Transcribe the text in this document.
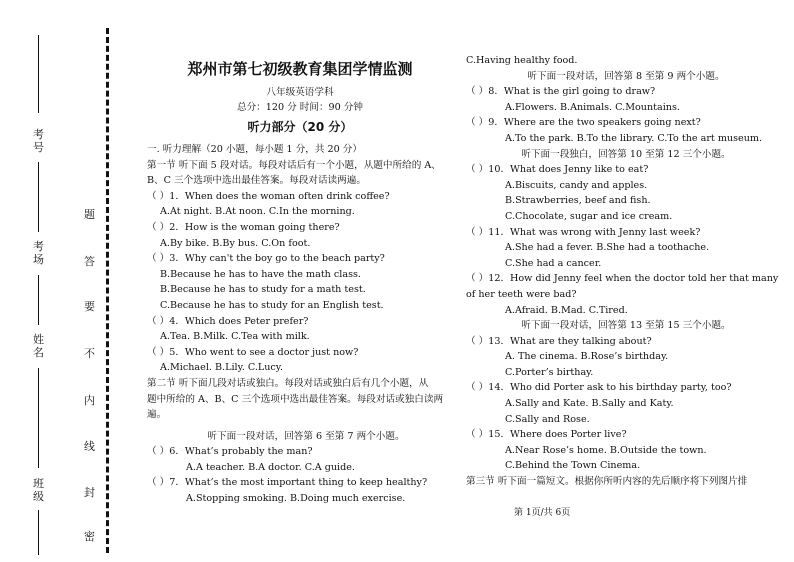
考号
考场
姓名
班级
题
答
要
不
内
线
封
密
郑州市第七初级教育集团学情监测
八年级英语学科
总分：120 分 时间：90 分钟
听力部分（20 分）
一. 听力理解（20 小题，每小题 1 分，共 20 分）
第一节 听下面 5 段对话。每段对话后有一个小题，从题中所给的 A、
B、C 三个选项中选出最佳答案。每段对话读两遍。
（ ）1．When does the woman often drink coffee?
A.At night. B.At noon. C.In the morning.
（ ）2．How is the woman going there?
A.By bike. B.By bus. C.On foot.
（ ）3．Why can't the boy go to the beach party?
B.Because he has to have the math class.
B.Because he has to study for a math test.
C.Because he has to study for an English test.
（ ）4．Which does Peter prefer?
A.Tea. B.Milk. C.Tea with milk.
（ ）5．Who went to see a doctor just now?
A.Michael. B.Lily. C.Lucy.
第二节 听下面几段对话或独白。每段对话或独白后有几个小题，从
题中所给的 A、B、C 三个选项中选出最佳答案。每段对话或独白读两
遍。
听下面一段对话，回答第 6 至第 7 两个小题。
（ ）6．What’s probably the man?
A.A teacher. B.A doctor. C.A guide.
（ ）7．What’s the most important thing to keep healthy?
A.Stopping smoking. B.Doing much exercise.
C.Having healthy food.
听下面一段对话，回答第 8 至第 9 两个小题。
（ ）8．What is the girl going to draw?
A.Flowers. B.Animals. C.Mountains.
（ ）9．Where are the two speakers going next?
A.To the park. B.To the library. C.To the art museum.
听下面一段独白，回答第 10 至第 12 三个小题。
（ ）10．What does Jenny like to eat?
A.Biscuits, candy and apples.
B.Strawberries, beef and fish.
C.Chocolate, sugar and ice cream.
（ ）11．What was wrong with Jenny last week?
A.She had a fever. B.She had a toothache.
C.She had a cancer.
（ ）12．How did Jenny feel when the doctor told her that many
of her teeth were bad?
A.Afraid. B.Mad. C.Tired.
听下面一段对话，回答第 13 至第 15 三个小题。
（ ）13．What are they talking about?
A. The cinema. B.Rose’s birthday.
C.Porter’s birthay.
（ ）14．Who did Porter ask to his birthday party, too?
A.Sally and Kate. B.Sally and Katy.
C.Sally and Rose.
（ ）15．Where does Porter live?
A.Near Rose’s home. B.Outside the town.
C.Behind the Town Cinema.
第三节 听下面一篇短文。根据你所听内容的先后顺序将下列图片排
第 1页/共 6页
